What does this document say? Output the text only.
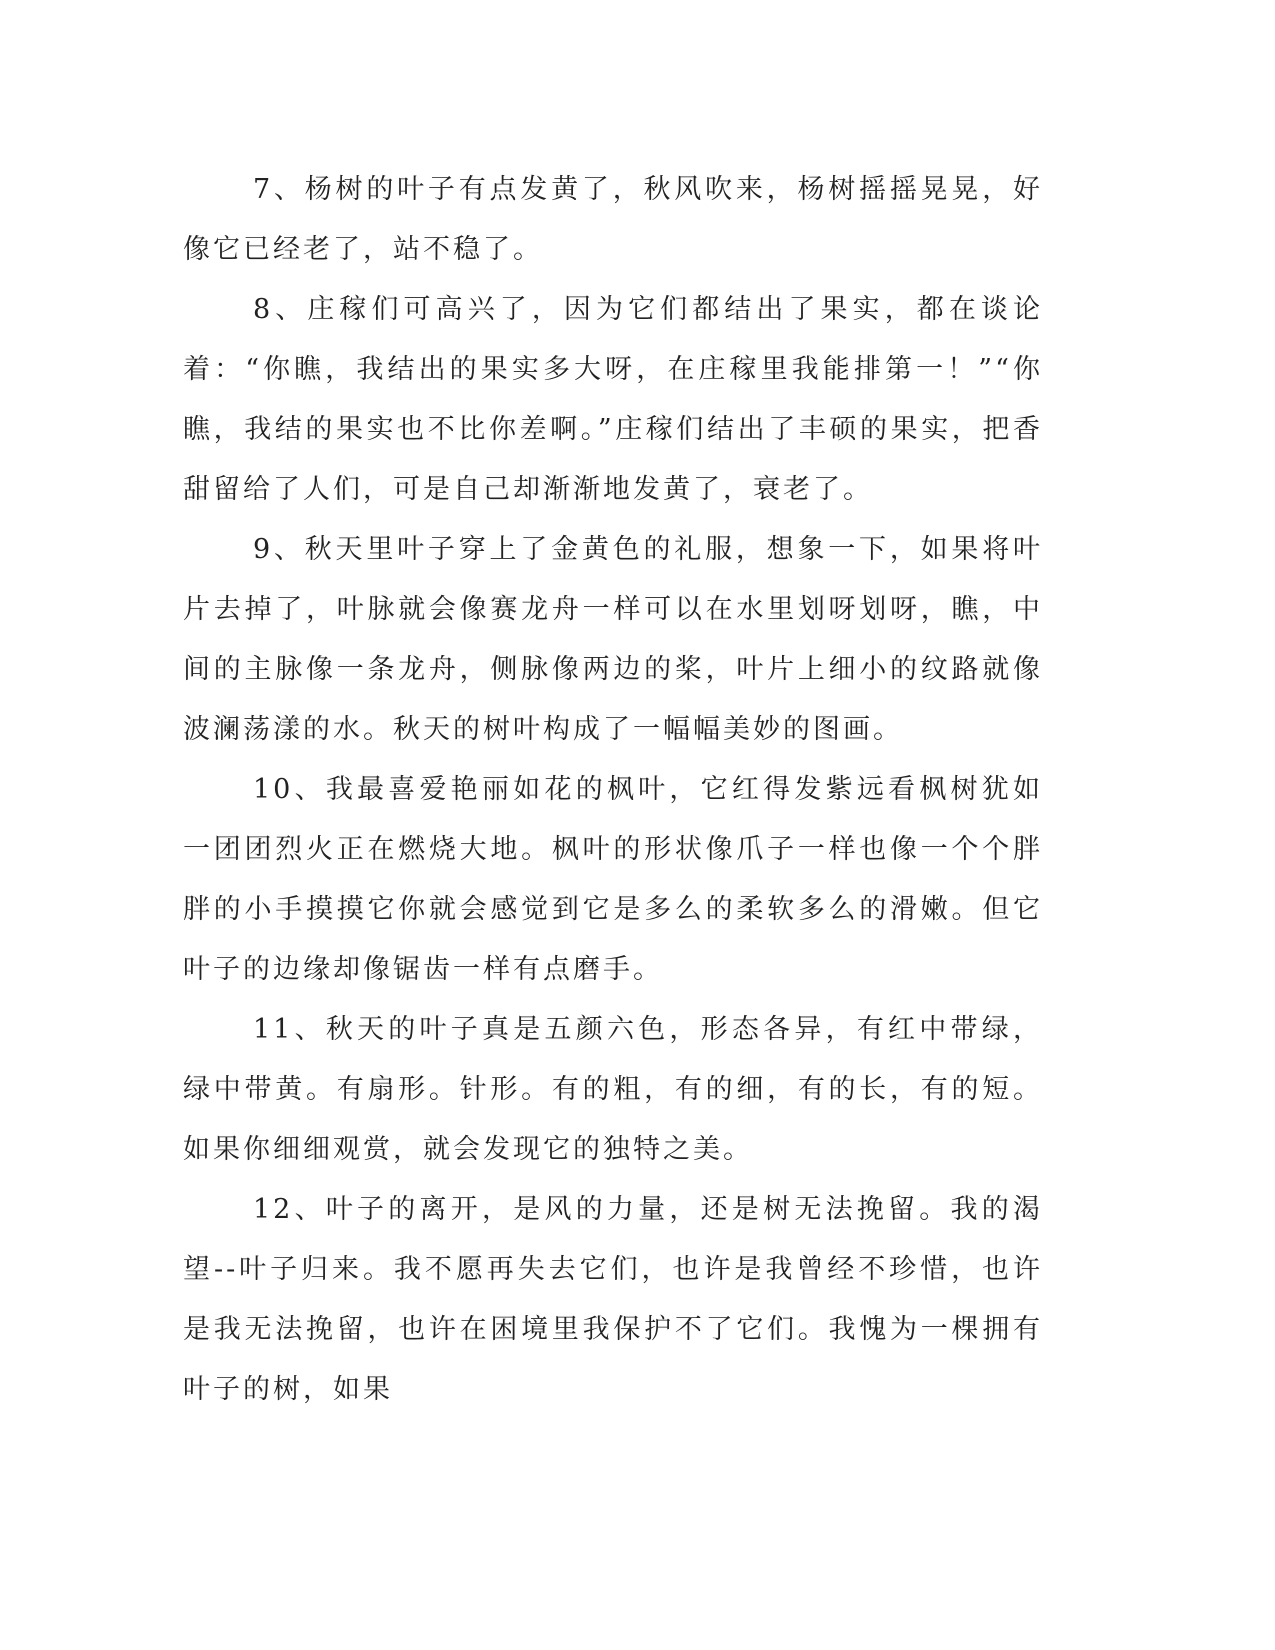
7、杨树的叶子有点发黄了，秋风吹来，杨树摇摇晃晃，好像它已经老了，站不稳了。

8、庄稼们可高兴了，因为它们都结出了果实，都在谈论着：“你瞧，我结出的果实多大呀，在庄稼里我能排第一！”“你瞧，我结的果实也不比你差啊。”庄稼们结出了丰硕的果实，把香甜留给了人们，可是自己却渐渐地发黄了，衰老了。

9、秋天里叶子穿上了金黄色的礼服，想象一下，如果将叶片去掉了，叶脉就会像赛龙舟一样可以在水里划呀划呀，瞧，中间的主脉像一条龙舟，侧脉像两边的桨，叶片上细小的纹路就像波澜荡漾的水。秋天的树叶构成了一幅幅美妙的图画。

10、我最喜爱艳丽如花的枫叶，它红得发紫远看枫树犹如一团团烈火正在燃烧大地。枫叶的形状像爪子一样也像一个个胖胖的小手摸摸它你就会感觉到它是多么的柔软多么的滑嫩。但它叶子的边缘却像锯齿一样有点磨手。

11、秋天的叶子真是五颜六色，形态各异，有红中带绿，绿中带黄。有扇形。针形。有的粗，有的细，有的长，有的短。如果你细细观赏，就会发现它的独特之美。

12、叶子的离开，是风的力量，还是树无法挽留。我的渴望--叶子归来。我不愿再失去它们，也许是我曾经不珍惜，也许是我无法挽留，也许在困境里我保护不了它们。我愧为一棵拥有叶子的树，如果
